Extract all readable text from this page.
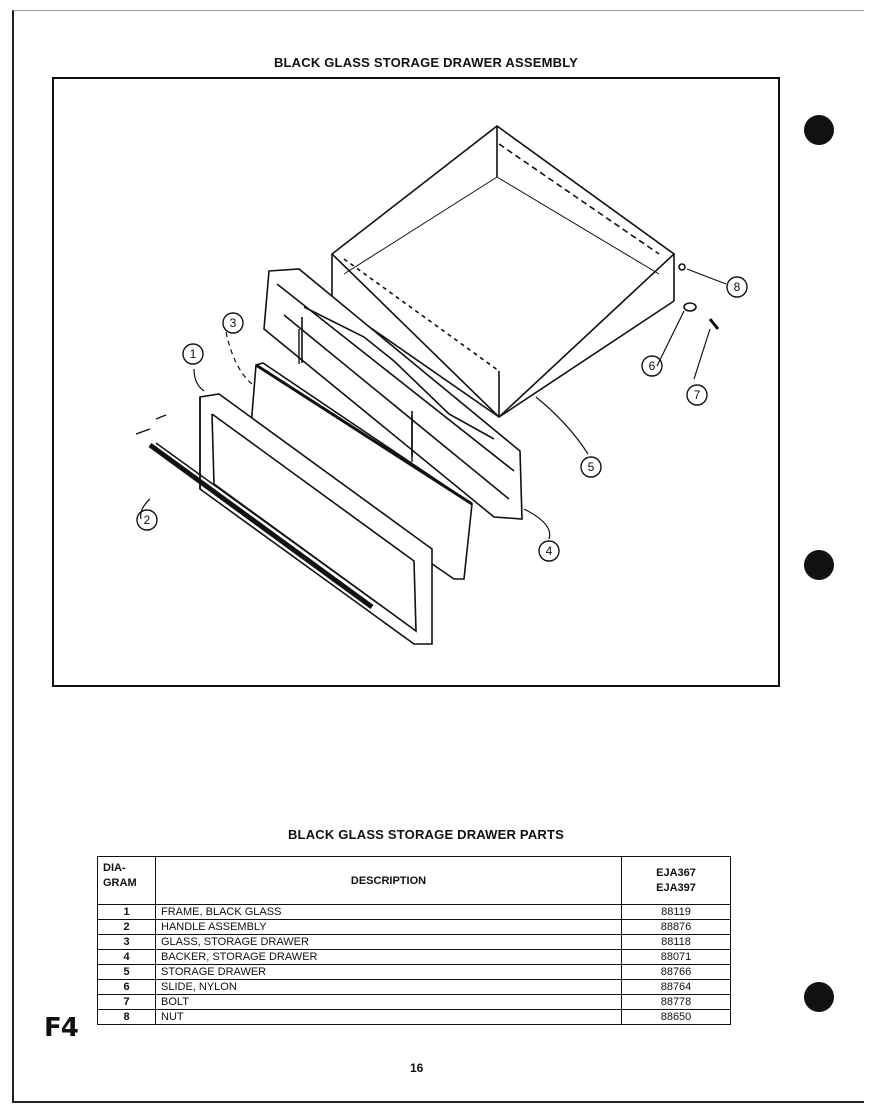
BLACK GLASS STORAGE DRAWER ASSEMBLY
1
2
3
4
5
6
7
8
BLACK GLASS STORAGE DRAWER PARTS
DIA-
GRAM	DESCRIPTION	EJA367
EJA397
1	FRAME, BLACK GLASS	88119
2	HANDLE ASSEMBLY	88876
3	GLASS, STORAGE DRAWER	88118
4	BACKER, STORAGE DRAWER	88071
5	STORAGE DRAWER	88766
6	SLIDE, NYLON	88764
7	BOLT	88778
8	NUT	88650
F4
16
